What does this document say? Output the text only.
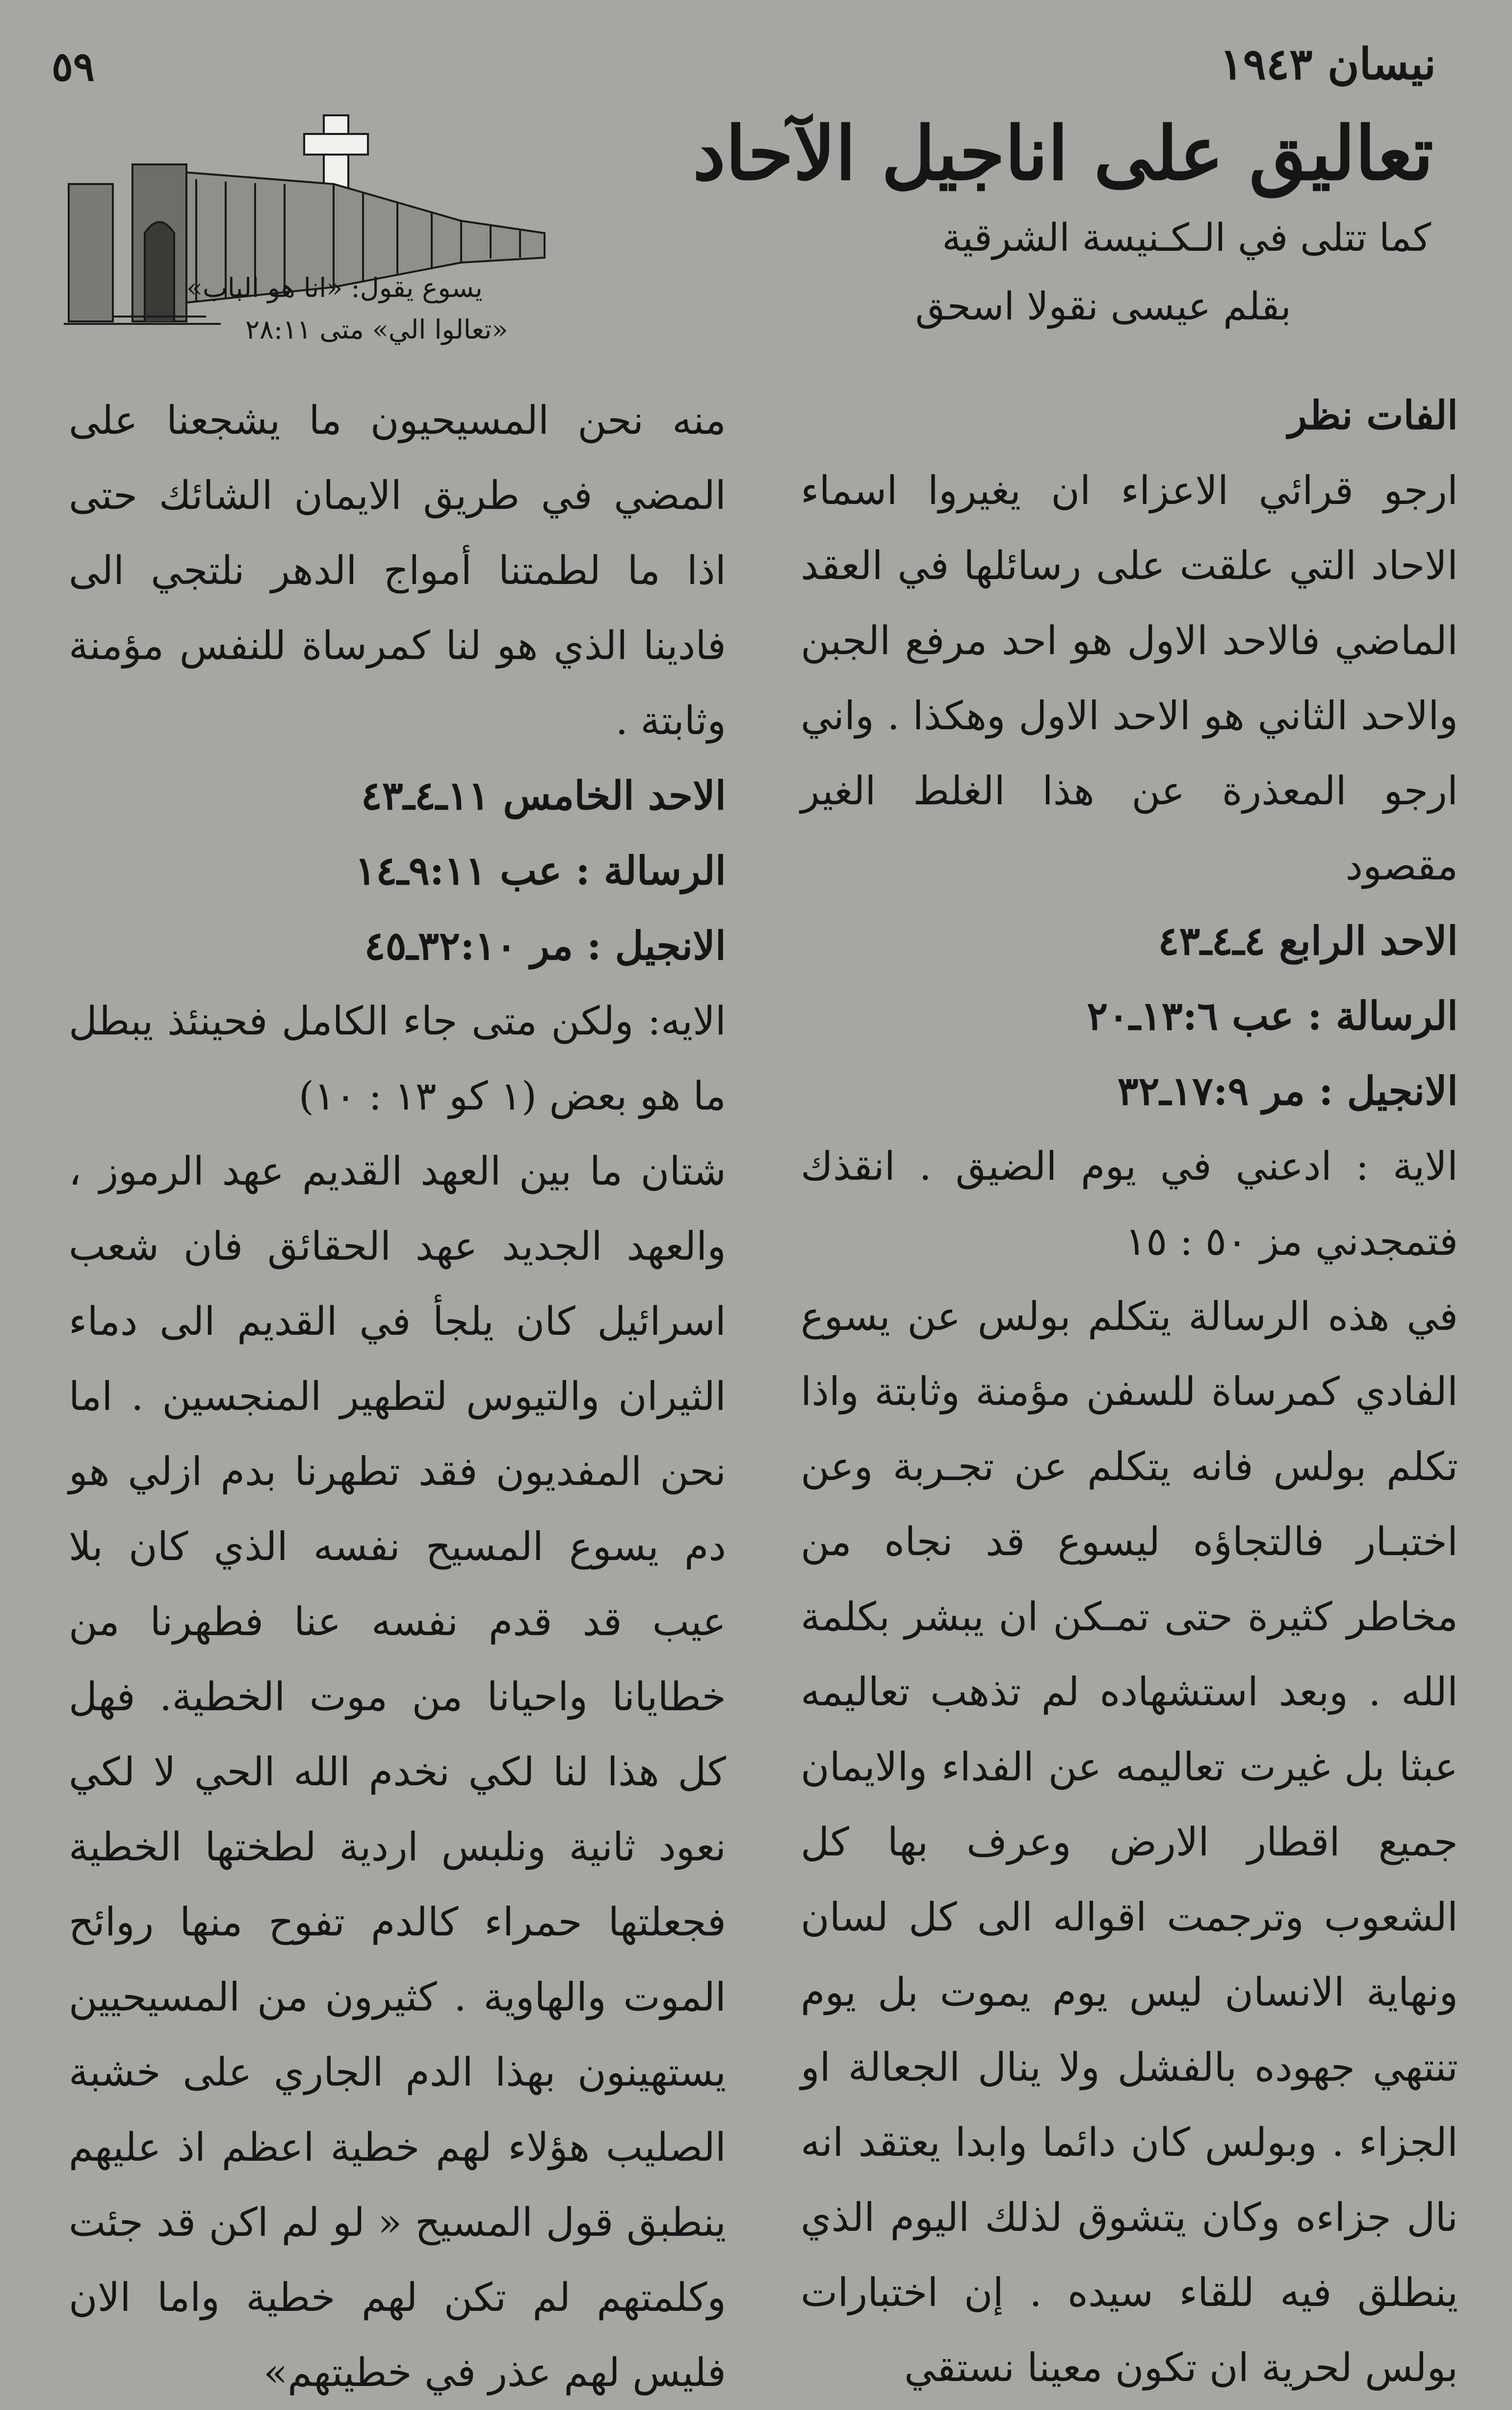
نيسان ١٩٤٣
٥٩
تعاليق على اناجيل الآحاد
كما تتلى في الـكـنيسة الشرقية
بقلم عيسى نقولا اسحق
يسوع يقول: «انا هو الباب»
«تعالوا الي» متى ٢٨:١١

الفات نظر

ارجو قرائي الاعزاء ان يغيروا اسماء الاحاد التي علقت على رسائلها في العقد الماضي فالاحد الاول هو احد مرفع الجبن والاحد الثاني هو الاحد الاول وهكذا . واني ارجو المعذرة عن هذا الغلط الغير مقصود

الاحد الرابع ٤ـ٤ـ٤٣

الرسالة : عب ١٣:٦ـ٢٠

الانجيل : مر ١٧:٩ـ٣٢

الاية : ادعني في يوم الضيق . انقذك فتمجدني مز ٥٠ : ١٥

في هذه الرسالة يتكلم بولس عن يسوع الفادي كمرساة للسفن مؤمنة وثابتة واذا تكلم بولس فانه يتكلم عن تجـربة وعن اختبـار فالتجاؤه ليسوع قد نجاه من مخاطر كثيرة حتى تمـكن ان يبشر بكلمة الله . وبعد استشهاده لم تذهب تعاليمه عبثا بل غيرت تعاليمه عن الفداء والايمان جميع اقطار الارض وعرف بها كل الشعوب وترجمت اقواله الى كل لسان ونهاية الانسان ليس يوم يموت بل يوم تنتهي جهوده بالفشل ولا ينال الجعالة او الجزاء . وبولس كان دائما وابدا يعتقد انه نال جزاءه وكان يتشوق لذلك اليوم الذي ينطلق فيه للقاء سيده . إن اختبارات بولس لحرية ان تكون معينا نستقي

منه نحن المسيحيون ما يشجعنا على المضي في طريق الايمان الشائك حتى اذا ما لطمتنا أمواج الدهر نلتجي الى فادينا الذي هو لنا كمرساة للنفس مؤمنة وثابتة .

الاحد الخامس ١١ـ٤ـ٤٣

الرسالة : عب ٩:١١ـ١٤

الانجيل : مر ٣٢:١٠ـ٤٥

الايه: ولكن متى جاء الكامل فحينئذ يبطل ما هو بعض (١ كو ١٣ : ١٠)

شتان ما بين العهد القديم عهد الرموز ، والعهد الجديد عهد الحقائق فان شعب اسرائيل كان يلجأ في القديم الى دماء الثيران والتيوس لتطهير المنجسين . اما نحن المفديون فقد تطهرنا بدم ازلي هو دم يسوع المسيح نفسه الذي كان بلا عيب قد قدم نفسه عنا فطهرنا من خطايانا واحيانا من موت الخطية. فهل كل هذا لنا لكي نخدم الله الحي لا لكي نعود ثانية ونلبس اردية لطختها الخطية فجعلتها حمراء كالدم تفوح منها روائح الموت والهاوية . كثيرون من المسيحيين يستهينون بهذا الدم الجاري على خشبة الصليب هؤلاء لهم خطية اعظم اذ عليهم ينطبق قول المسيح « لو لم اكن قد جئت وكلمتهم لم تكن لهم خطية واما الان فليس لهم عذر في خطيتهم»
